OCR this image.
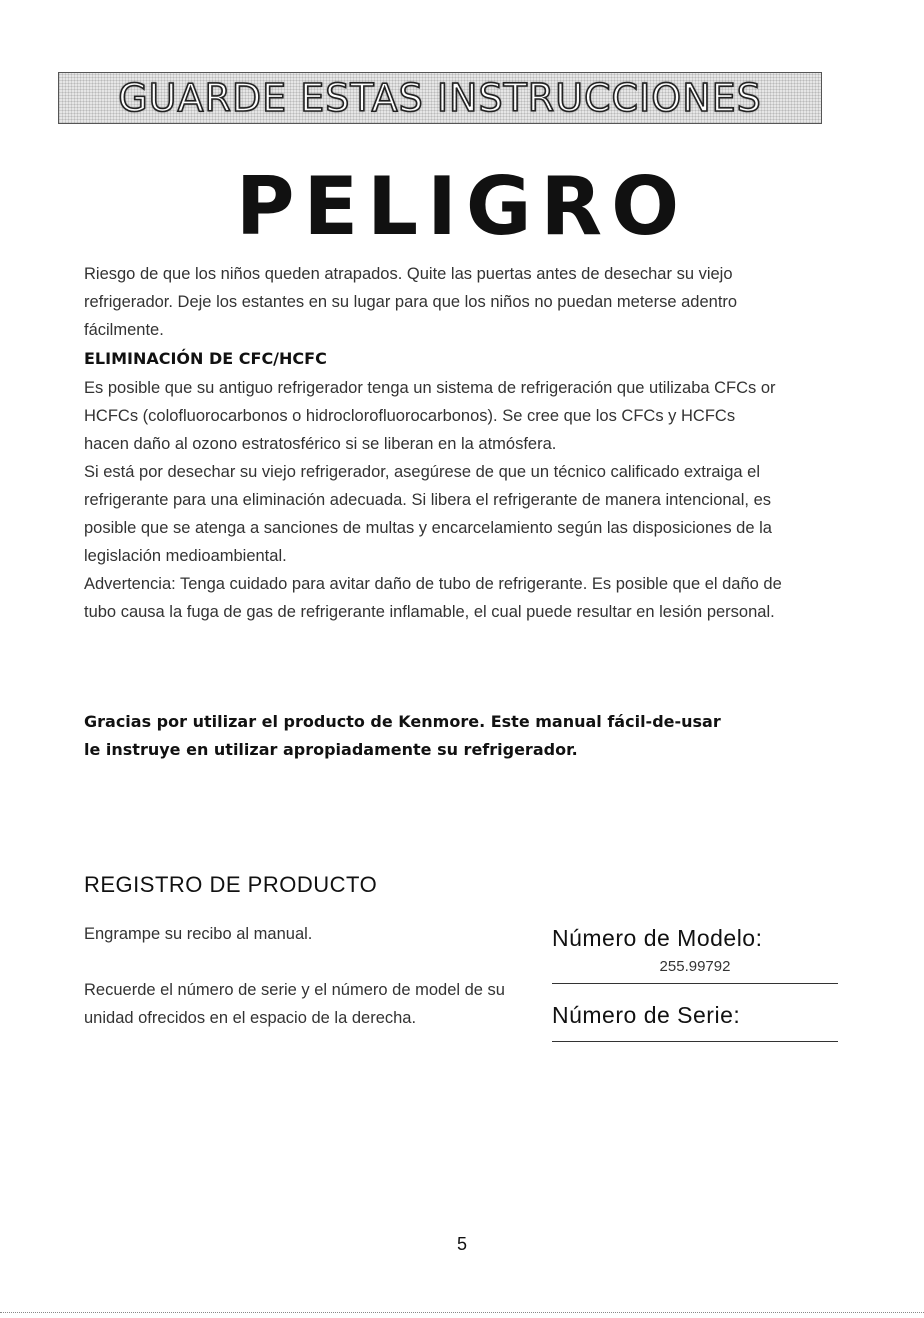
GUARDE ESTAS INSTRUCCIONES
PELIGRO

Riesgo de que los niños queden atrapados. Quite las puertas antes de desechar su viejo refrigerador. Deje los estantes en su lugar para que los niños no puedan meterse adentro fácilmente.

ELIMINACIÓN DE CFC/HCFC

Es posible que su antiguo refrigerador tenga un sistema de refrigeración que utilizaba CFCs or HCFCs (colofluorocarbonos o hidroclorofluorocarbonos). Se cree que los CFCs y HCFCs hacen daño al ozono estratosférico si se liberan en la atmósfera.

Si está por desechar su viejo refrigerador, asegúrese de que un técnico calificado extraiga el refrigerante para una eliminación adecuada. Si libera el refrigerante de manera intencional, es posible que se atenga a sanciones de multas y encarcelamiento según las disposiciones de la legislación medioambiental.

Advertencia: Tenga cuidado para avitar daño de tubo de refrigerante. Es posible que el daño de tubo causa la fuga de gas de refrigerante inflamable, el cual puede resultar en lesión personal.

Gracias por utilizar el producto de Kenmore. Este manual fácil-de-usar
le instruye en utilizar apropiadamente su refrigerador.
REGISTRO DE PRODUCTO

Engrampe su recibo al manual.

Recuerde el número de serie y el número de model de su unidad ofrecidos en el espacio de la derecha.

Número de Modelo:
255.99792
Número de Serie:
5
